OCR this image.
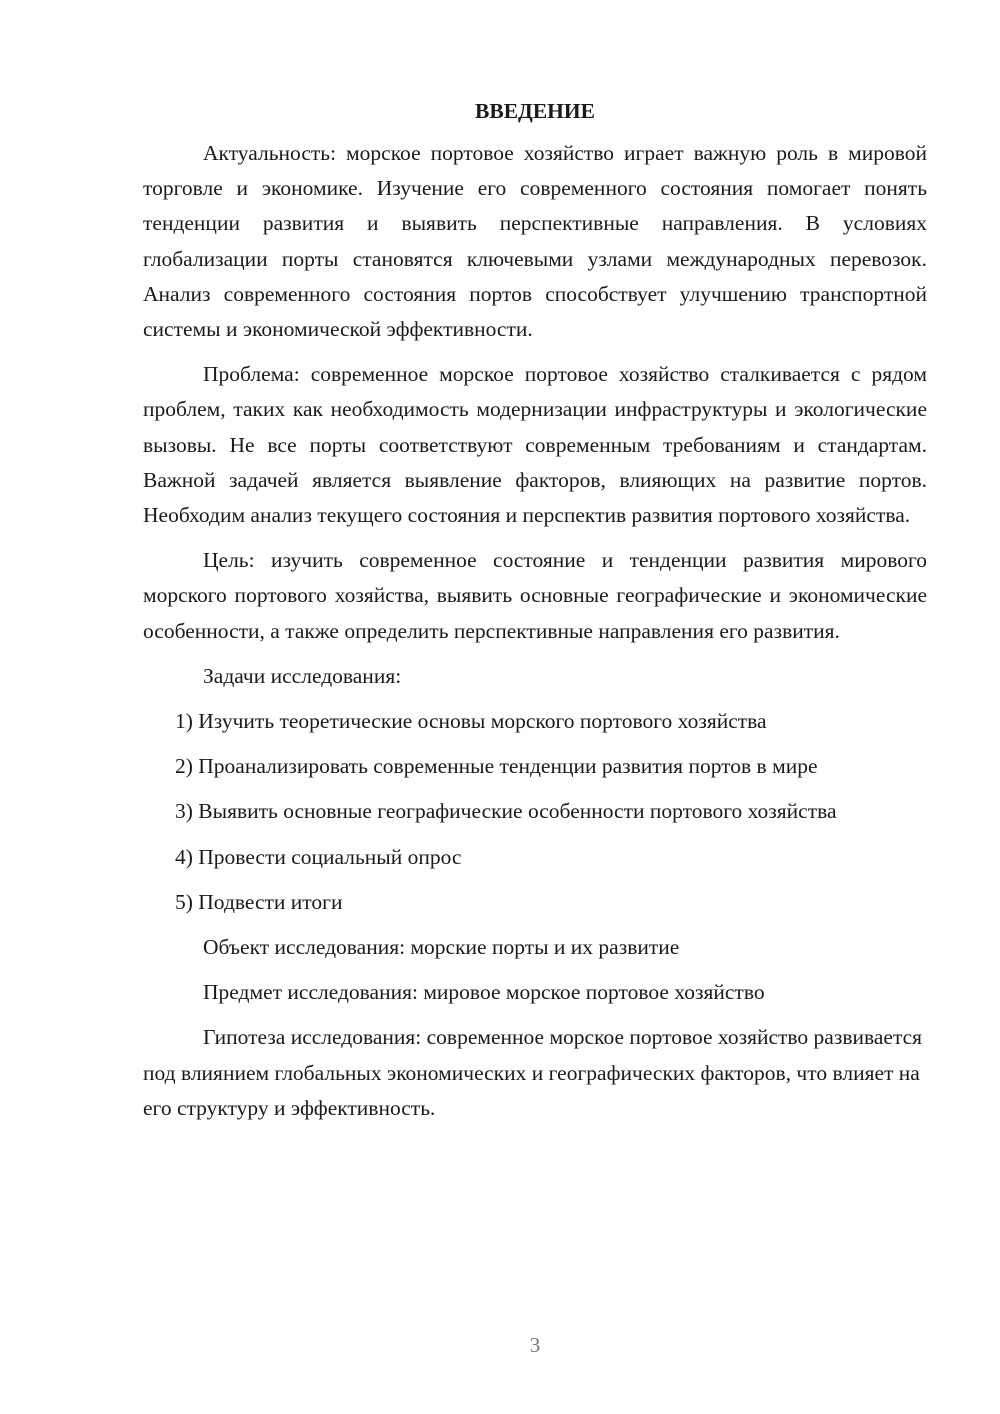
ВВЕДЕНИЕ
Актуальность: морское портовое хозяйство играет важную роль в мировой торговле и экономике. Изучение его современного состояния помогает понять тенденции развития и выявить перспективные направления. В условиях глобализации порты становятся ключевыми узлами международных перевозок. Анализ современного состояния портов способствует улучшению транспортной системы и экономической эффективности.
Проблема: современное морское портовое хозяйство сталкивается с рядом проблем, таких как необходимость модернизации инфраструктуры и экологические вызовы. Не все порты соответствуют современным требованиям и стандартам. Важной задачей является выявление факторов, влияющих на развитие портов. Необходим анализ текущего состояния и перспектив развития портового хозяйства.
Цель: изучить современное состояние и тенденции развития мирового морского портового хозяйства, выявить основные географические и экономические особенности, а также определить перспективные направления его развития.
Задачи исследования:
1) Изучить теоретические основы морского портового хозяйства
2) Проанализировать современные тенденции развития портов в мире
3) Выявить основные географические особенности портового хозяйства
4) Провести социальный опрос
5) Подвести итоги
Объект исследования: морские порты и их развитие
Предмет исследования: мировое морское портовое хозяйство
Гипотеза исследования: современное морское портовое хозяйство развивается под влиянием глобальных экономических и географических факторов, что влияет на его структуру и эффективность.
3
